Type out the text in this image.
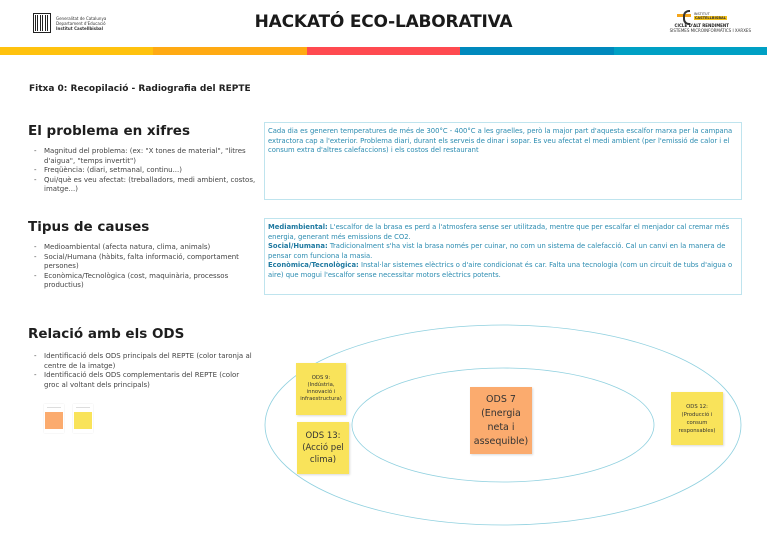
Generalitat de Catalunya
Departament d'Educació
Institut Castellbisbal	HACKATÓ ECO-LABORATIVA	INSTITUT
CASTELLBISBAL
CICLE D'ALT RENDIMENT
SISTEMES MICROINFORMÀTICS I XARXES
Fitxa 0: Recopilació - Radiografia del REPTE
El problema en xifres
- Magnitud del problema: (ex: "X tones de material", "litres d'aigua", "temps invertit")
- Freqüència: (diari, setmanal, continu...)
- Qui/què es veu afectat: (treballadors, medi ambient, costos, imatge...)
Cada dia es generen temperatures de més de 300°C - 400°C a les graelles, però la major part d'aquesta escalfor marxa per la campana extractora cap a l'exterior. Problema diari, durant els serveis de dinar i sopar. Es veu afectat el medi ambient (per l'emissió de calor i el consum extra d'altres calefaccions) i els costos del restaurant
Tipus de causes
- Medioambiental (afecta natura, clima, animals)
- Social/Humana (hàbits, falta informació, comportament persones)
- Econòmica/Tecnològica (cost, maquinària, processos productius)
Mediambiental: L'escalfor de la brasa es perd a l'atmosfera sense ser utilitzada, mentre que per escalfar el menjador cal cremar més energia, generant més emissions de CO2.
Social/Humana: Tradicionalment s'ha vist la brasa només per cuinar, no com un sistema de calefacció. Cal un canvi en la manera de pensar com funciona la masia.
Econòmica/Tecnològica: Instal·lar sistemes elèctrics o d'aire condicionat és car. Falta una tecnologia (com un circuit de tubs d'aigua o aire) que mogui l'escalfor sense necessitar motors elèctrics potents.
Relació amb els ODS
- Identificació dels ODS principals del REPTE (color taronja al centre de la imatge)
- Identificació dels ODS complementaris del REPTE (color groc al voltant dels principals)
ODS 9:
(Indústria,
innovació i
infraestructura)
ODS 13:
(Acció pel
clima)
ODS 7
(Energia
neta i
assequible)
ODS 12:
(Producció i
consum
responsables)
